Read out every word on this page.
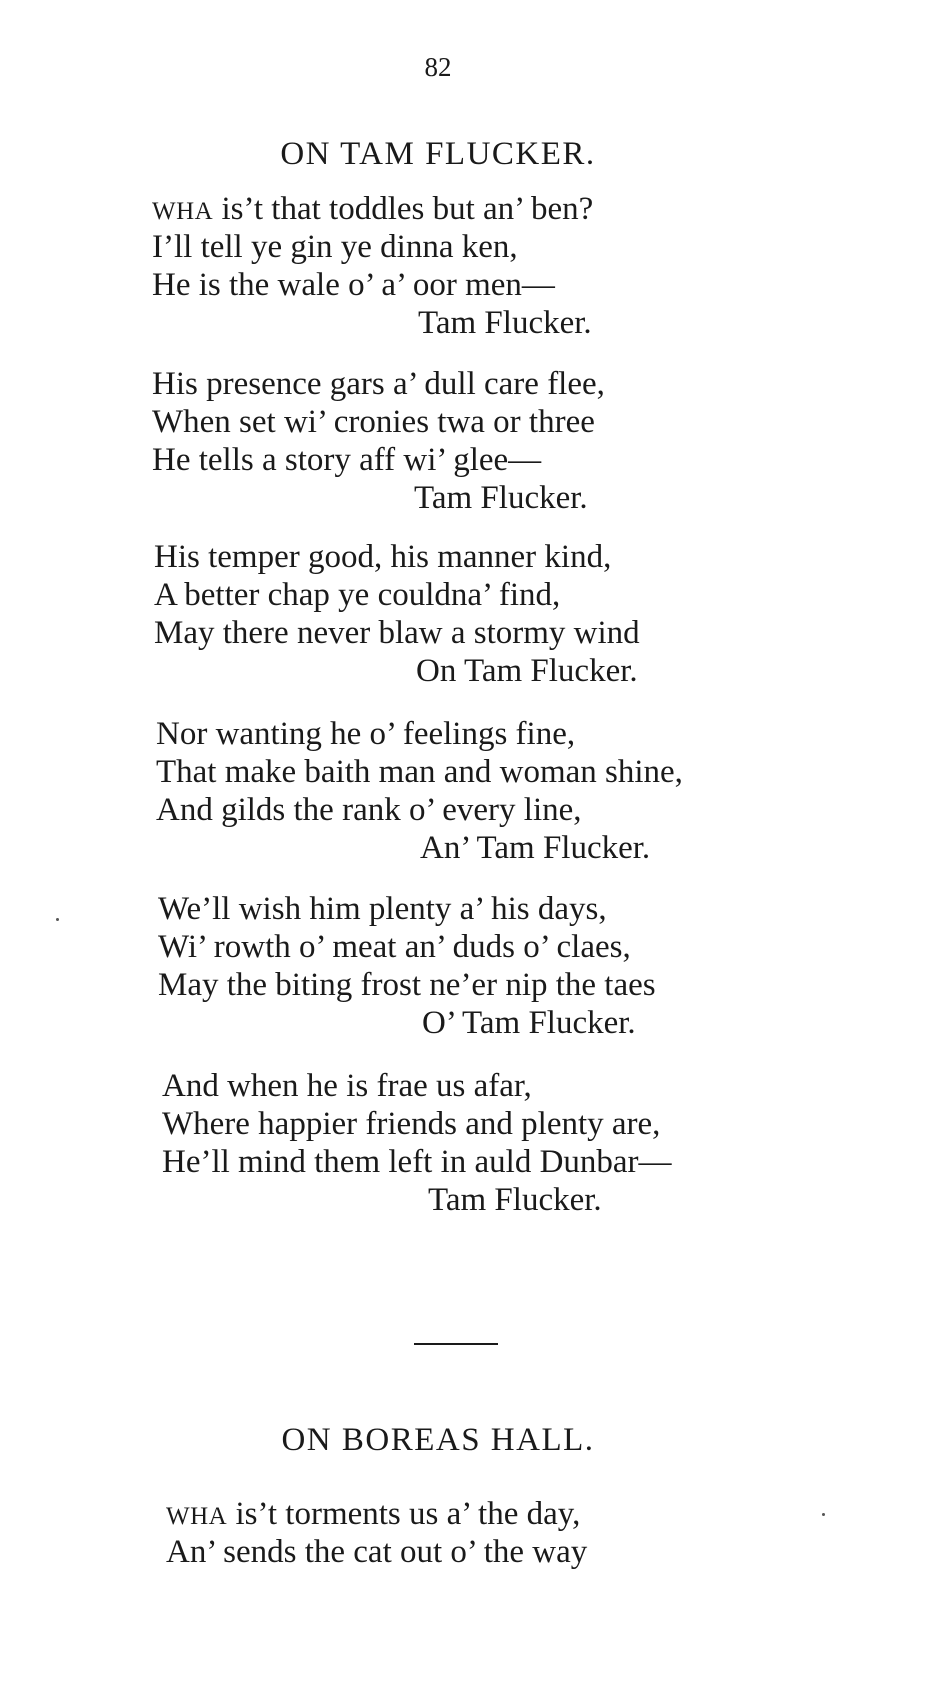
82
ON TAM FLUCKER.
WHA is’t that toddles but an’ ben?
I’ll tell ye gin ye dinna ken,
He is the wale o’ a’ oor men—
Tam Flucker.
His presence gars a’ dull care flee,
When set wi’ cronies twa or three
He tells a story aff wi’ glee—
Tam Flucker.
His temper good, his manner kind,
A better chap ye couldna’ find,
May there never blaw a stormy wind
On Tam Flucker.
Nor wanting he o’ feelings fine,
That make baith man and woman shine,
And gilds the rank o’ every line,
An’ Tam Flucker.
We’ll wish him plenty a’ his days,
Wi’ rowth o’ meat an’ duds o’ claes,
May the biting frost ne’er nip the taes
O’ Tam Flucker.
And when he is frae us afar,
Where happier friends and plenty are,
He’ll mind them left in auld Dunbar—
Tam Flucker.
ON BOREAS HALL.
WHA is’t torments us a’ the day,
An’ sends the cat out o’ the way
